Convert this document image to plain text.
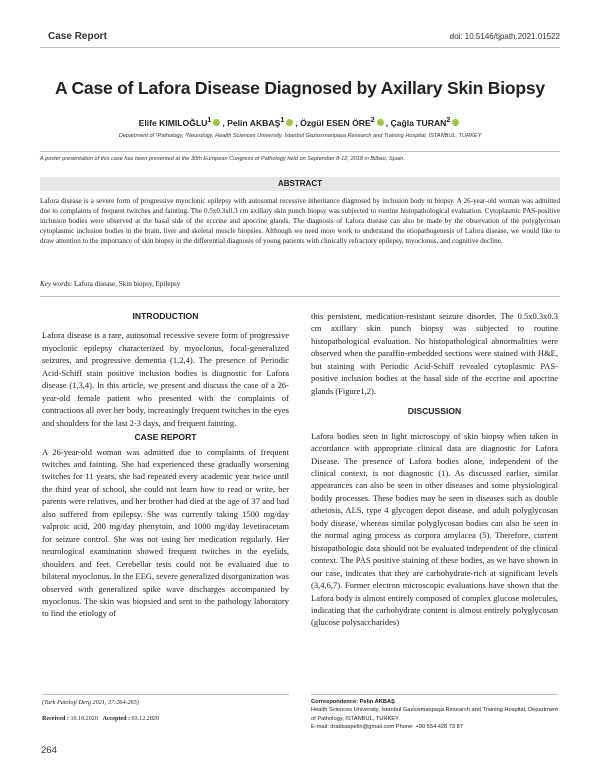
Case Report	doi: 10.5146/tjpath.2021.01522
A Case of Lafora Disease Diagnosed by Axillary Skin Biopsy
Elife KIMILOĞLU$^1$ , Pelin AKBAŞ$^1$ , Özgül ESEN ÖRE$^2$ , Çağla TURAN$^2$
Department of ¹Pathology, ²Neurology, Health Sciences University, İstanbul Gaziosmanpaşa Research and Training Hospital, İSTANBUL, TURKEY
A poster presentation of this case has been presented at the 30th European Congress of Pathology held on September 8-12, 2018 in Bilbao, Spain.
ABSTRACT
Lafora disease is a severe form of progressive myoclonic epilepsy with autosomal recessive inheritance diagnosed by inclusion body in biopsy. A 26-year-old woman was admitted due to complaints of frequent twitches and fainting. The 0.5x0.3x0.3 cm axillary skin punch biopsy was subjected to routine histopathological evaluation. Cytoplasmic PAS-positive inclusion bodies were observed at the basal side of the eccrine and apocrine glands. The diagnosis of Lafora disease can also be made by the observation of the polyglycosan cytoplasmic inclusion bodies in the brain, liver and skeletal muscle biopsies. Although we need more work to understand the etiopathogenesis of Lafora disease, we would like to draw attention to the importance of skin biopsy in the differential diagnosis of young patients with clinically refractory epilepsy, myoclonus, and cognitive decline.
Key words: Lafora disease, Skin biopsy, Epilepsy
INTRODUCTION

Lafora disease is a rare, autosomal recessive severe form of progressive myoclonic epilepsy characterized by myoclonus, focal-generalized seizures, and progressive dementia (1,2,4). The presence of Periodic Acid-Schiff stain positive inclusion bodies is diagnostic for Lafora disease (1,3,4). In this article, we present and discuss the case of a 26-year-old female patient who presented with the complaints of contractions all over her body, increasingly frequent twitches in the eyes and shoulders for the last 2-3 days, and frequent fainting.

CASE REPORT

A 26-year-old woman was admitted due to complaints of frequent twitches and fainting. She had experienced these gradually worsening twitches for 11 years, she had repeated every academic year twice until the third year of school, she could not learn how to read or write, her parents were relatives, and her brother had died at the age of 37 and had also suffered from epilepsy. She was currently taking 1500 mg/day valproic acid, 200 mg/day phenytoin, and 1000 mg/day levetiracetam for seizure control. She was not using her medication regularly. Her neurological examination showed frequent twitches in the eyelids, shoulders and feet. Cerebellar tests could not be evaluated due to bilateral myoclonus. In the EEG, severe generalized disorganization was observed with generalized spike wave discharges accompanied by myoclonus. The skin was biopsied and sent to the pathology laboratory to find the etiology of

this persistent, medication-resistant seizure disorder. The 0.5x0.3x0.3 cm axillary skin punch biopsy was subjected to routine histopathological evaluation. No histopathological abnormalities were observed when the paraffin-embedded sections were stained with H&E, but staining with Periodic Acid-Schiff revealed cytoplasmic PAS-positive inclusion bodies at the basal side of the eccrine and apocrine glands (Figure1,2).

DISCUSSION

Lafora bodies seen in light microscopy of skin biopsy when taken in accordance with appropriate clinical data are diagnostic for Lafora Disease. The presence of Lafora bodies alone, independent of the clinical context, is not diagnostic (1). As discussed earlier, similar appearances can also be seen in other diseases and some physiological bodily processes. These bodies may be seen in diseases such as double athetosis, ALS, type 4 glycogen depot disease, and adult polyglycosan body disease, whereas similar polyglycosan bodies can also be seen in the normal aging process as corpora amylacea (5). Therefore, current histopathologic data should not be evaluated independent of the clinical context. The PAS positive staining of these bodies, as we have shown in our case, indicates that they are carbohydrate-rich at significant levels (3,4,6,7). Former electron microscopic evaluations have shown that the Lafora body is almost entirely composed of complex glucose molecules, indicating that the carbohydrate content is almost entirely polyglycosan (glucose polysaccharides)

(Turk Patoloji Derg 2021, 37:264-265)
Received : 10.10.2020 Accepted : 03.12.2020
Correspondence: Pelin AKBAŞ
Health Sciences University, İstanbul Gaziosmanpaşa Research and Training Hospital, Department of Pathology, İSTANBUL, TURKEY
E-mail: drakbaspelin@gmail.com Phone: +90 554 428 73 87
264
